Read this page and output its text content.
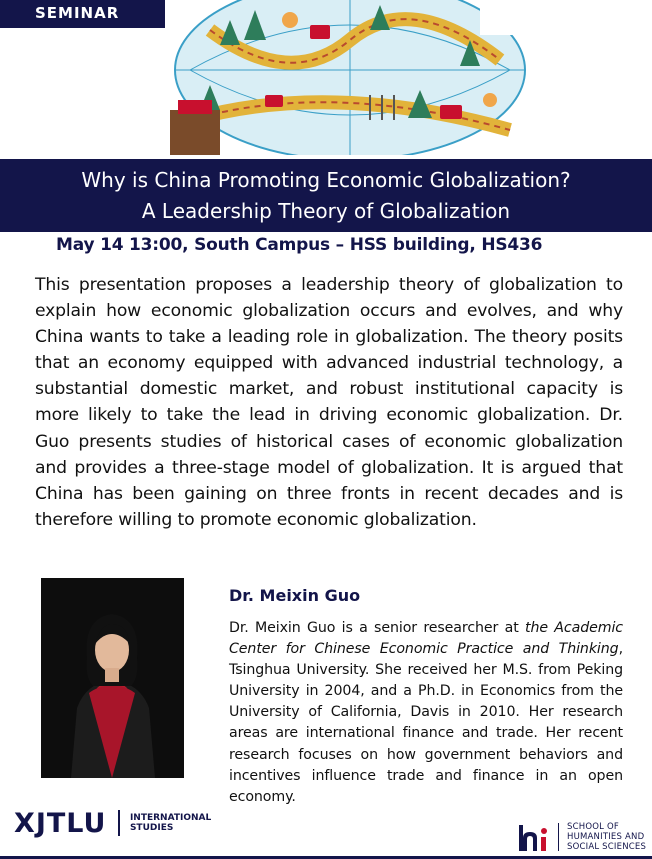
SEMINAR
Why is China Promoting Economic Globalization?
A Leadership Theory of Globalization
May 14 13:00, South Campus – HSS building, HS436

This presentation proposes a leadership theory of globalization to explain how economic globalization occurs and evolves, and why China wants to take a leading role in globalization. The theory posits that an economy equipped with advanced industrial technology, a substantial domestic market, and robust institutional capacity is more likely to take the lead in driving economic globalization. Dr. Guo presents studies of historical cases of economic globalization and provides a three-stage model of globalization. It is argued that China has been gaining on three fronts in recent decades and is therefore willing to promote economic globalization.

Dr. Meixin Guo

Dr. Meixin Guo is a senior researcher at the Academic Center for Chinese Economic Practice and Thinking, Tsinghua University. She received her M.S. from Peking University in 2004, and a Ph.D. in Economics from the University of California, Davis in 2010. Her research areas are international finance and trade. Her recent research focuses on how government behaviors and incentives influence trade and finance in an open economy.

XJTLU	INTERNATIONAL
STUDIES	SCHOOL OF
HUMANITIES AND
SOCIAL SCIENCES
